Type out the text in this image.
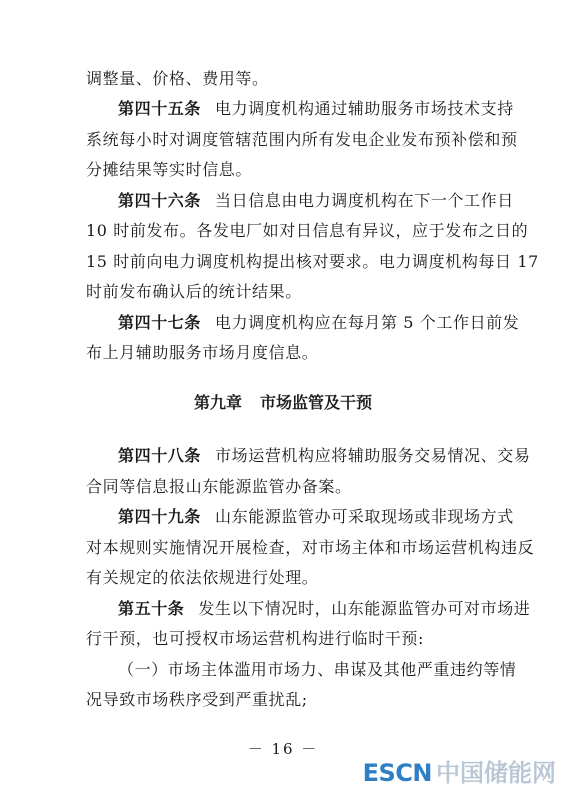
调整量、价格、费用等。

第四十五条 电力调度机构通过辅助服务市场技术支持

系统每小时对调度管辖范围内所有发电企业发布预补偿和预

分摊结果等实时信息。

第四十六条 当日信息由电力调度机构在下一个工作日

10 时前发布。各发电厂如对日信息有异议，应于发布之日的

15 时前向电力调度机构提出核对要求。电力调度机构每日 17

时前发布确认后的统计结果。

第四十七条 电力调度机构应在每月第 5 个工作日前发

布上月辅助服务市场月度信息。

第九章 市场监管及干预

第四十八条 市场运营机构应将辅助服务交易情况、交易

合同等信息报山东能源监管办备案。

第四十九条 山东能源监管办可采取现场或非现场方式

对本规则实施情况开展检查，对市场主体和市场运营机构违反

有关规定的依法依规进行处理。

第五十条 发生以下情况时，山东能源监管办可对市场进

行干预，也可授权市场运营机构进行临时干预:

（一）市场主体滥用市场力、串谋及其他严重违约等情

况导致市场秩序受到严重扰乱;

－ 16 －
ESCN 中国储能网
